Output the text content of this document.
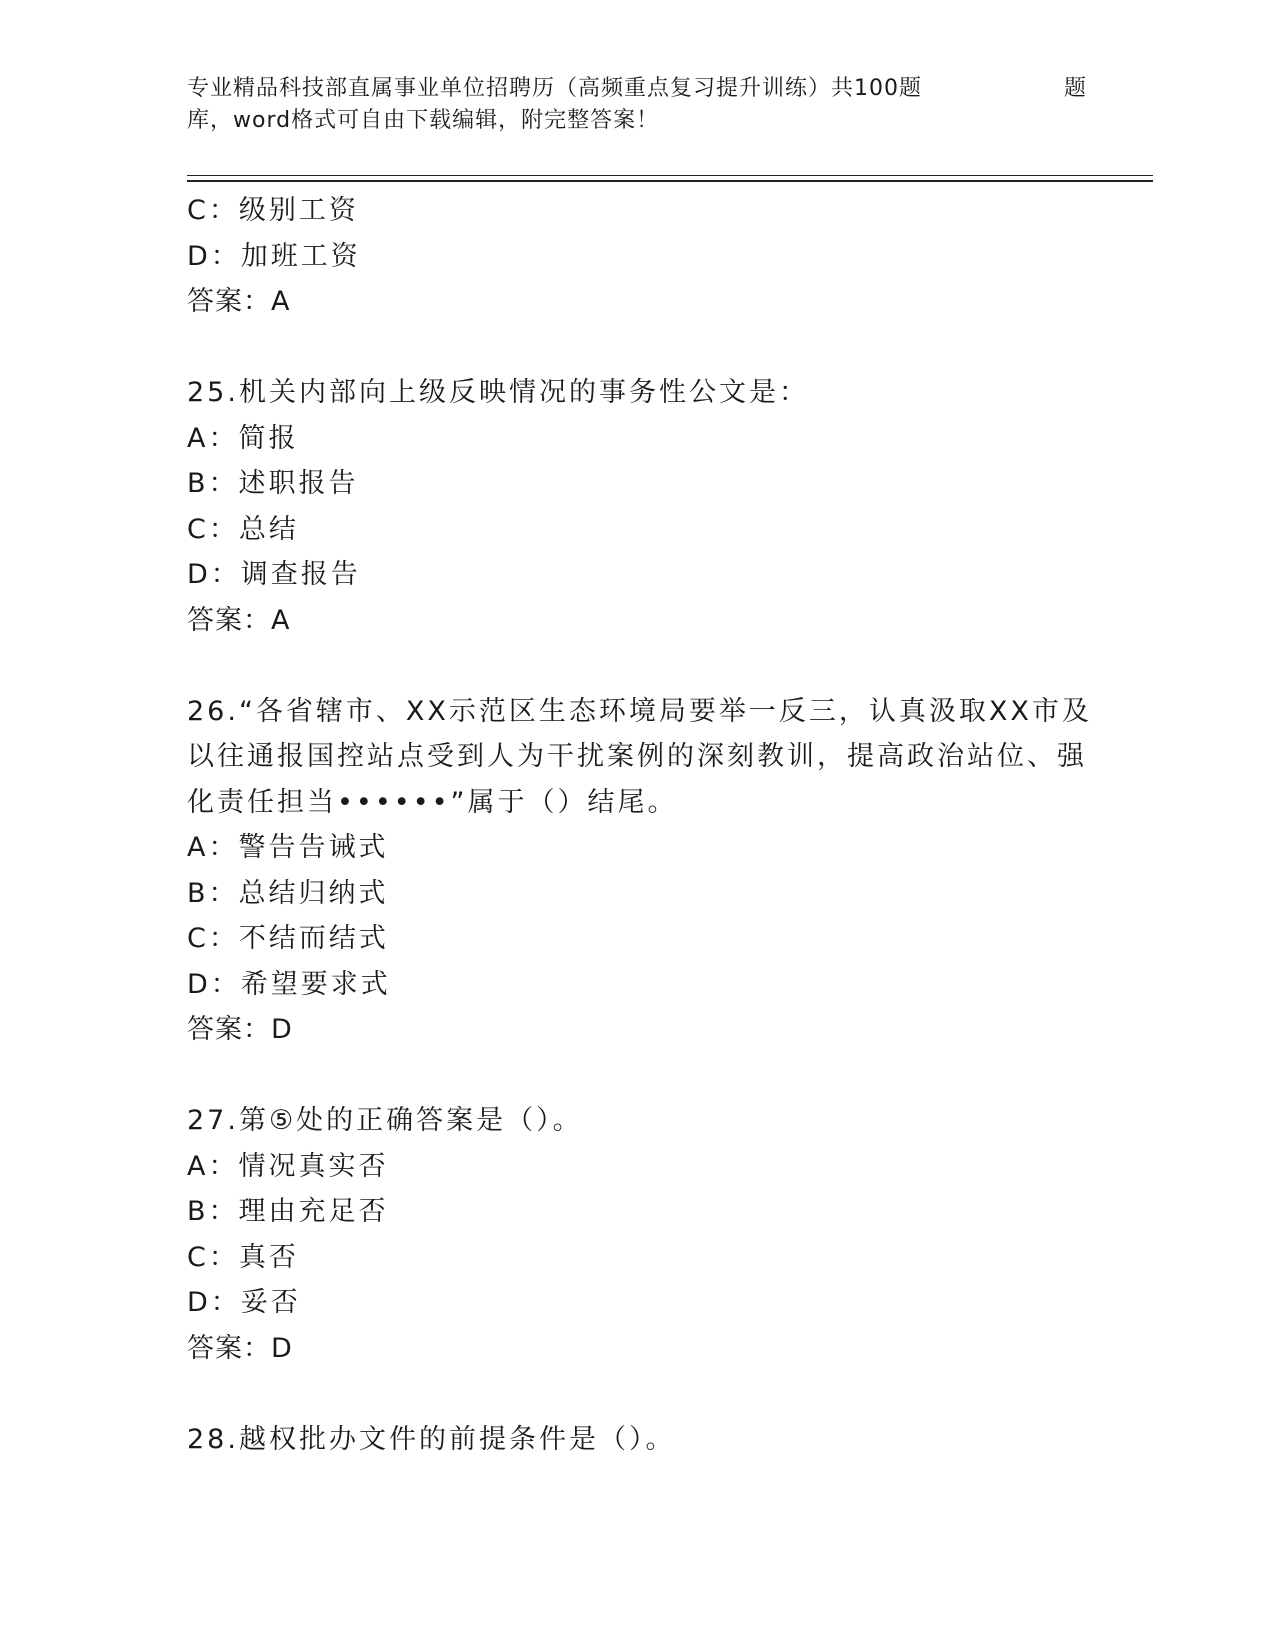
专业精品科技部直属事业单位招聘历（高频重点复习提升训练）共100题	题
库，word格式可自由下载编辑，附完整答案！
C：级别工资
D：加班工资
答案：A
25.机关内部向上级反映情况的事务性公文是：
A：简报
B：述职报告
C：总结
D：调查报告
答案：A
26.“各省辖市、XX示范区生态环境局要举一反三，认真汲取XX市及
以往通报国控站点受到人为干扰案例的深刻教训，提高政治站位、强
化责任担当••••••”属于（）结尾。
A：警告告诫式
B：总结归纳式
C：不结而结式
D：希望要求式
答案：D
27.第⑤处的正确答案是（）。
A：情况真实否
B：理由充足否
C：真否
D：妥否
答案：D
28.越权批办文件的前提条件是（）。
